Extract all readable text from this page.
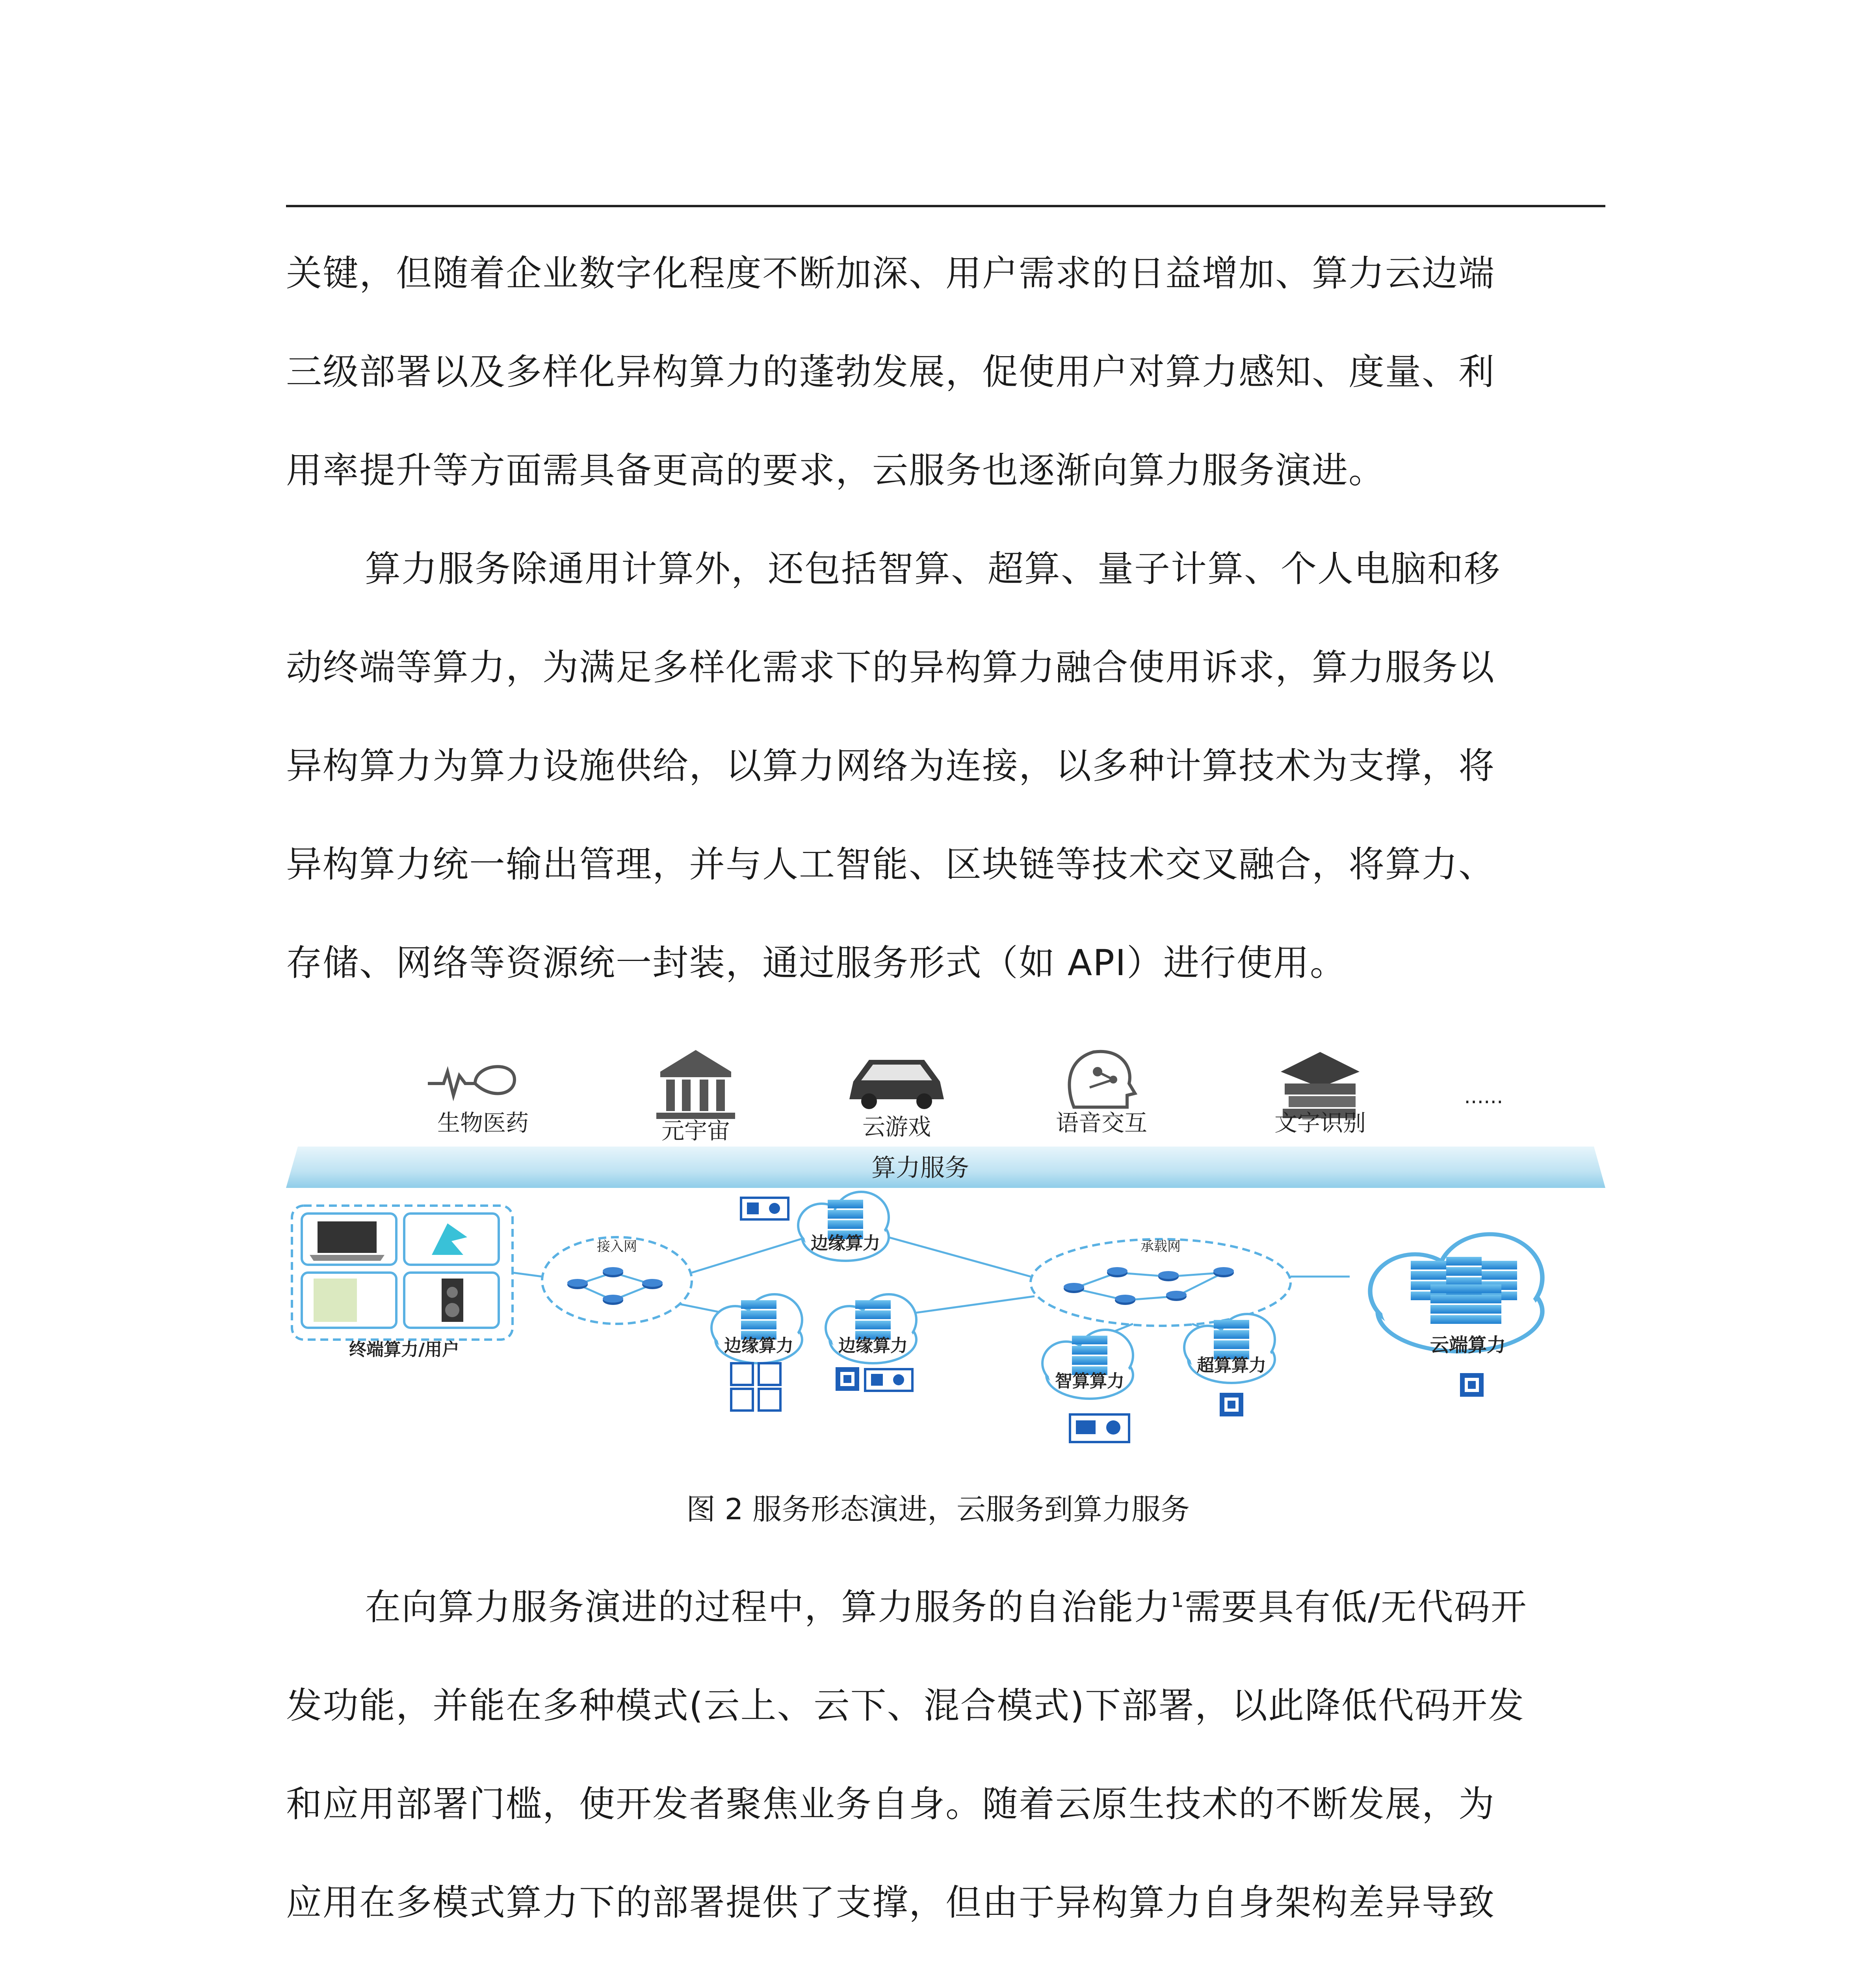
关键，但随着企业数字化程度不断加深、用户需求的日益增加、算力云边端
三级部署以及多样化异构算力的蓬勃发展，促使用户对算力感知、度量、利
用率提升等方面需具备更高的要求，云服务也逐渐向算力服务演进。

算力服务除通用计算外，还包括智算、超算、量子计算、个人电脑和移
动终端等算力，为满足多样化需求下的异构算力融合使用诉求，算力服务以
异构算力为算力设施供给，以算力网络为连接，以多种计算技术为支撑，将
异构算力统一输出管理，并与人工智能、区块链等技术交叉融合，将算力、
存储、网络等资源统一封装，通过服务形式（如 API）进行使用。

生物医药	元宇宙	云游戏	语音交互	文字识别
......
算力服务
终端算力/用户
接入网	承载网
边缘算力
边缘算力	边缘算力
智算算力
超算算力
云端算力
图 2 服务形态演进，云服务到算力服务

在向算力服务演进的过程中，算力服务的自治能力$^1$需要具有低/无代码开
发功能，并能在多种模式(云上、云下、混合模式)下部署，以此降低代码开发
和应用部署门槛，使开发者聚焦业务自身。随着云原生技术的不断发展，为
应用在多模式算力下的部署提供了支撑，但由于异构算力自身架构差异导致
